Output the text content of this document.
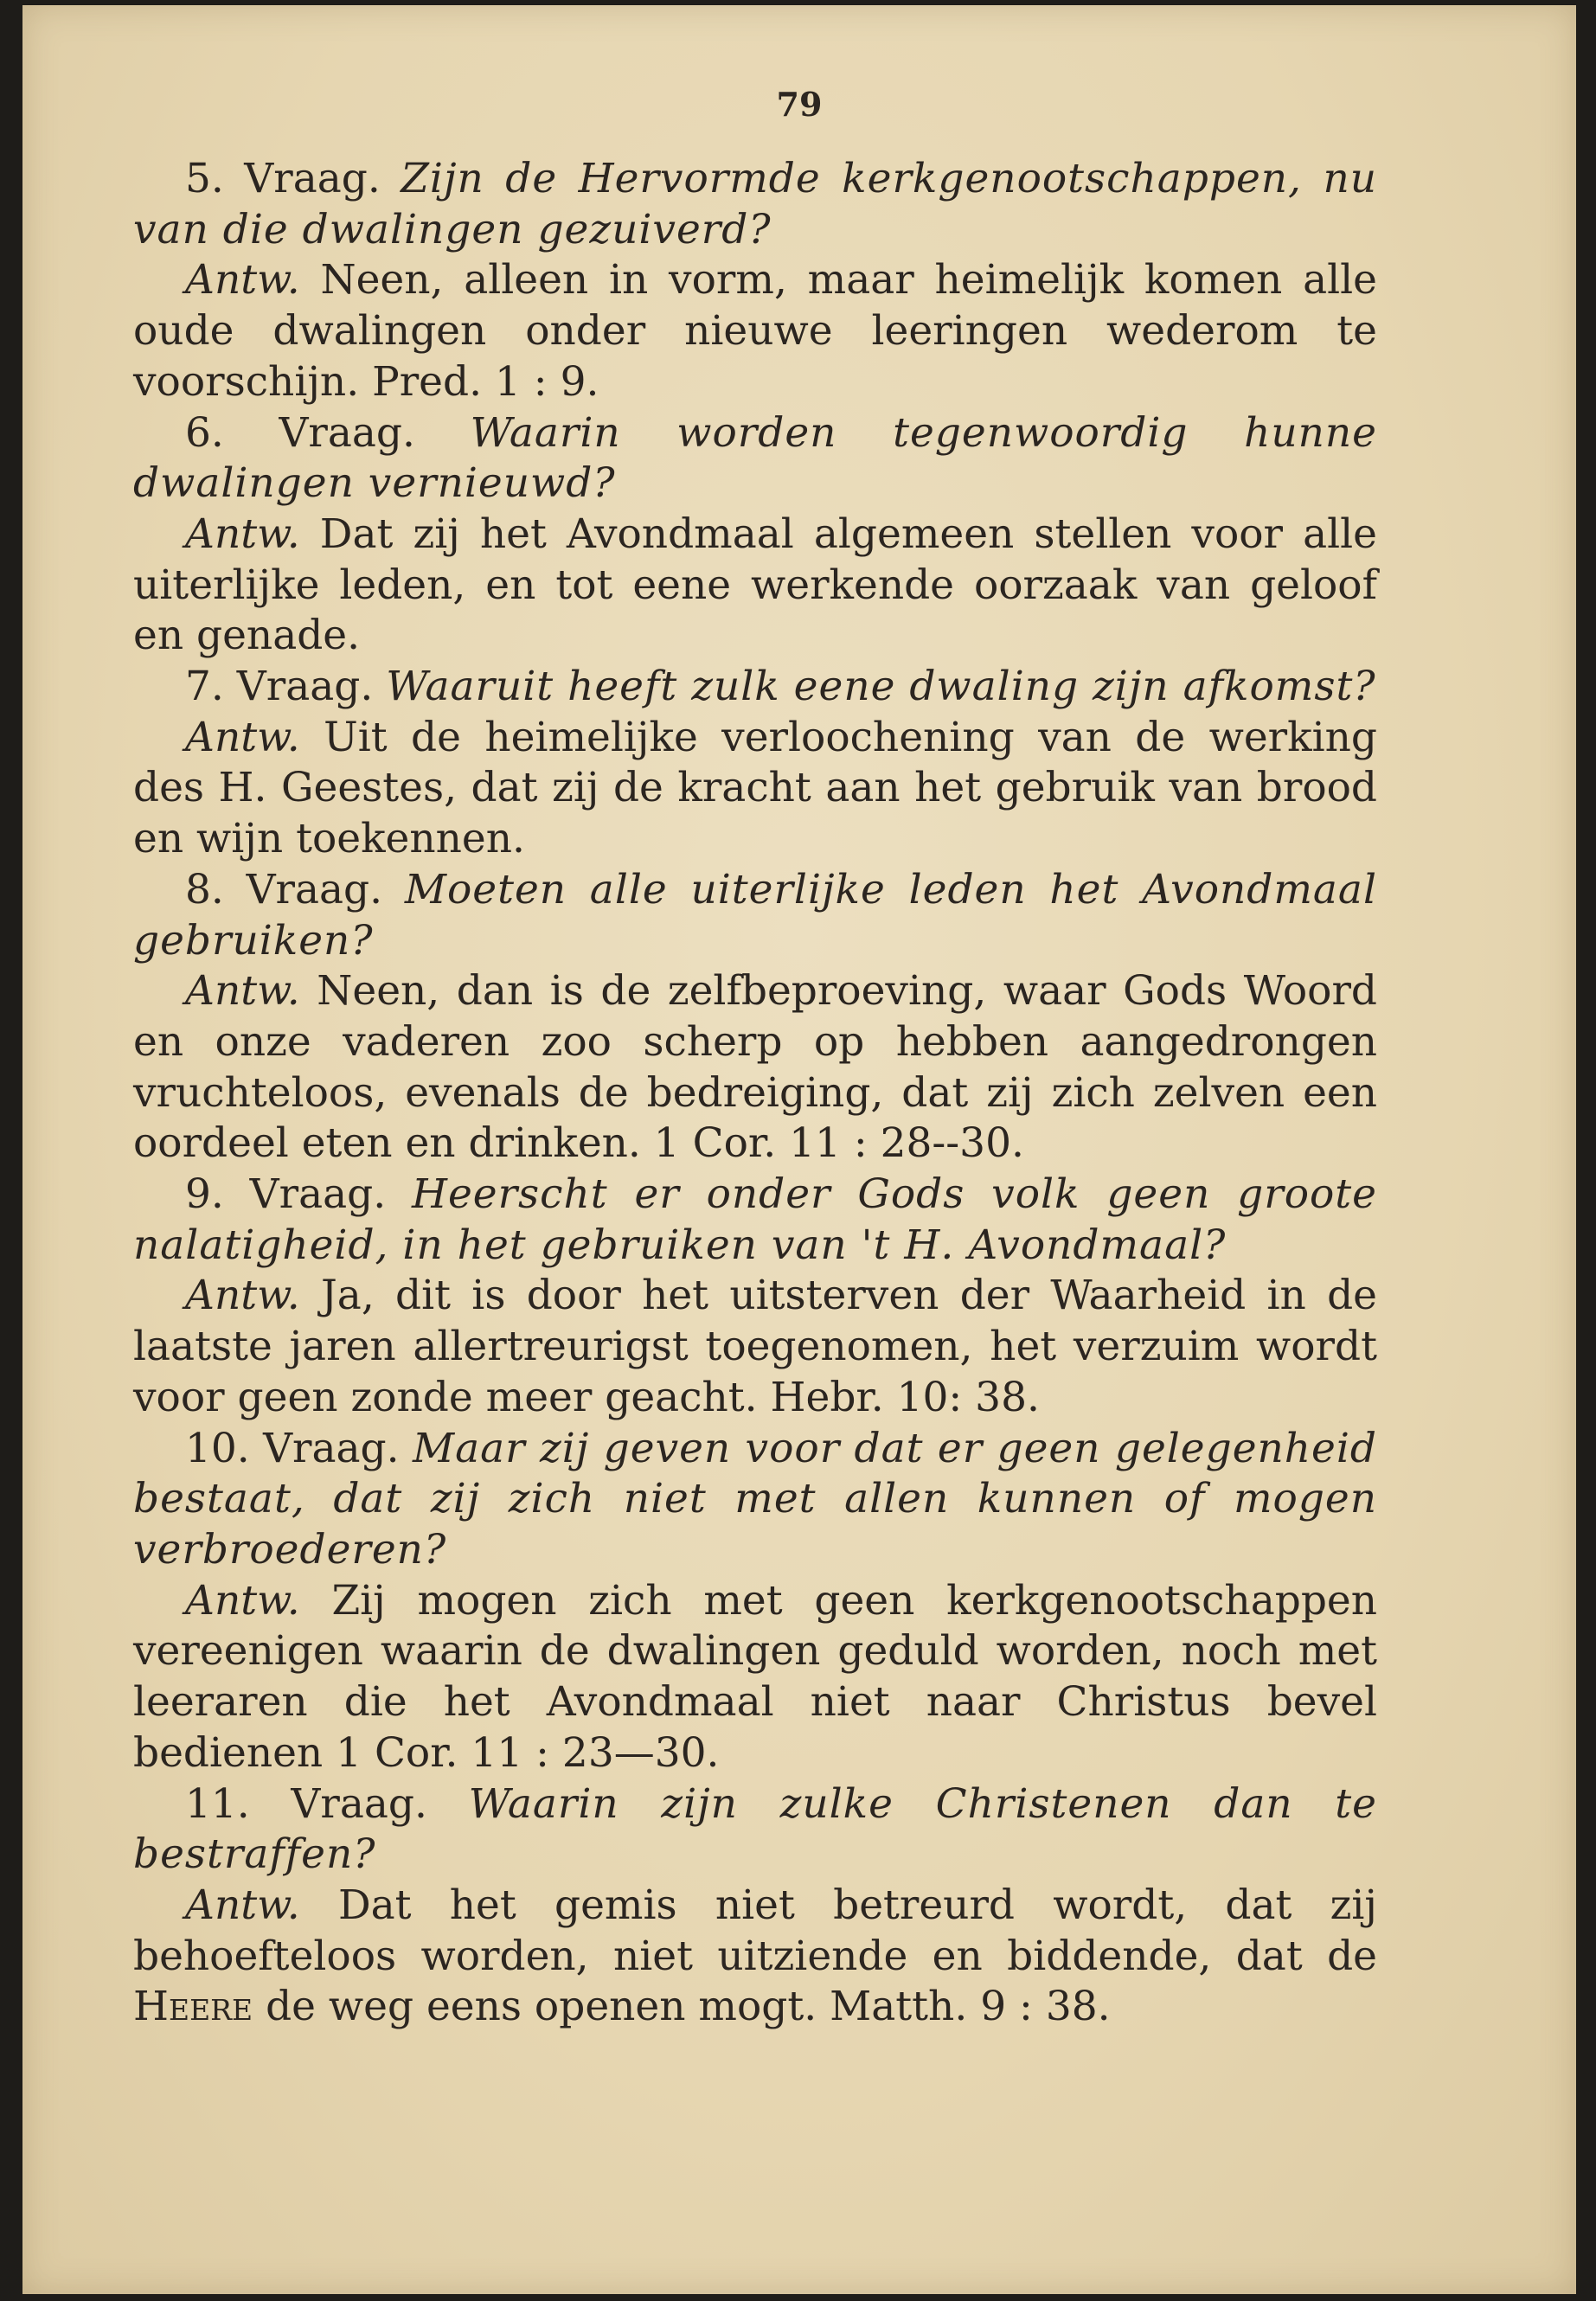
79

5. Vraag. Zijn de Hervormde kerkgenootschappen, nu van die dwalingen gezuiverd?

Antw. Neen, alleen in vorm, maar heimelijk komen alle oude dwalingen onder nieuwe leeringen wederom te voorschijn. Pred. 1 : 9.

6. Vraag. Waarin worden tegenwoordig hunne dwalingen vernieuwd?

Antw. Dat zij het Avondmaal algemeen stellen voor alle uiterlijke leden, en tot eene werkende oorzaak van geloof en genade.

7. Vraag. Waaruit heeft zulk eene dwaling zijn afkomst?

Antw. Uit de heimelijke verloochening van de werking des H. Geestes, dat zij de kracht aan het gebruik van brood en wijn toekennen.

8. Vraag. Moeten alle uiterlijke leden het Avondmaal gebruiken?

Antw. Neen, dan is de zelfbeproeving, waar Gods Woord en onze vaderen zoo scherp op hebben aangedrongen vruchteloos, evenals de bedreiging, dat zij zich zelven een oordeel eten en drinken. 1 Cor. 11 : 28--30.

9. Vraag. Heerscht er onder Gods volk geen groote nalatigheid, in het gebruiken van 't H. Avondmaal?

Antw. Ja, dit is door het uitsterven der Waarheid in de laatste jaren allertreurigst toegenomen, het verzuim wordt voor geen zonde meer geacht. Hebr. 10: 38.

10. Vraag. Maar zij geven voor dat er geen gelegenheid bestaat, dat zij zich niet met allen kunnen of mogen verbroederen?

Antw. Zij mogen zich met geen kerkgenootschappen vereenigen waarin de dwalingen geduld worden, noch met leeraren die het Avondmaal niet naar Christus bevel bedienen 1 Cor. 11 : 23—30.

11. Vraag. Waarin zijn zulke Christenen dan te bestraffen?

Antw. Dat het gemis niet betreurd wordt, dat zij behoefteloos worden, niet uitziende en biddende, dat de Heere de weg eens openen mogt. Matth. 9 : 38.
